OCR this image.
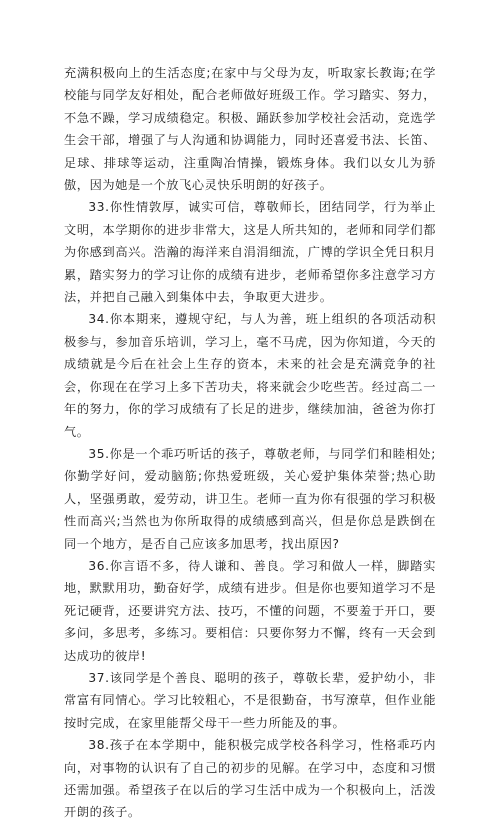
充满积极向上的生活态度;在家中与父母为友，听取家长教诲;在学校能与同学友好相处，配合老师做好班级工作。学习踏实、努力，不急不躁，学习成绩稳定。积极、踊跃参加学校社会活动，竞选学生会干部，增强了与人沟通和协调能力，同时还喜爱书法、长笛、足球、排球等运动，注重陶冶情操，锻炼身体。我们以女儿为骄傲，因为她是一个放飞心灵快乐明朗的好孩子。

33.你性情敦厚，诚实可信，尊敬师长，团结同学，行为举止文明，本学期你的进步非常大，这是人所共知的，老师和同学们都为你感到高兴。浩瀚的海洋来自涓涓细流，广博的学识全凭日积月累，踏实努力的学习让你的成绩有进步，老师希望你多注意学习方法，并把自己融入到集体中去，争取更大进步。

34.你本期来，遵规守纪，与人为善，班上组织的各项活动积极参与，参加音乐培训，学习上，毫不马虎，因为你知道，今天的成绩就是今后在社会上生存的资本，未来的社会是充满竞争的社会，你现在在学习上多下苦功夫，将来就会少吃些苦。经过高二一年的努力，你的学习成绩有了长足的进步，继续加油，爸爸为你打气。

35.你是一个乖巧听话的孩子，尊敬老师，与同学们和睦相处;你勤学好问，爱动脑筋;你热爱班级，关心爱护集体荣誉;热心助人，坚强勇敢，爱劳动，讲卫生。老师一直为你有很强的学习积极性而高兴;当然也为你所取得的成绩感到高兴，但是你总是跌倒在同一个地方，是否自己应该多加思考，找出原因?

36.你言语不多，待人谦和、善良。学习和做人一样，脚踏实地，默默用功，勤奋好学，成绩有进步。但是你也要知道学习不是死记硬背，还要讲究方法、技巧，不懂的问题，不要羞于开口，要多问，多思考，多练习。要相信：只要你努力不懈，终有一天会到达成功的彼岸!

37.该同学是个善良、聪明的孩子，尊敬长辈，爱护幼小，非常富有同情心。学习比较粗心，不是很勤奋，书写潦草，但作业能按时完成，在家里能帮父母干一些力所能及的事。

38.孩子在本学期中，能积极完成学校各科学习，性格乖巧内向，对事物的认识有了自己的初步的见解。在学习中，态度和习惯还需加强。希望孩子在以后的学习生活中成为一个积极向上，活泼开朗的孩子。
